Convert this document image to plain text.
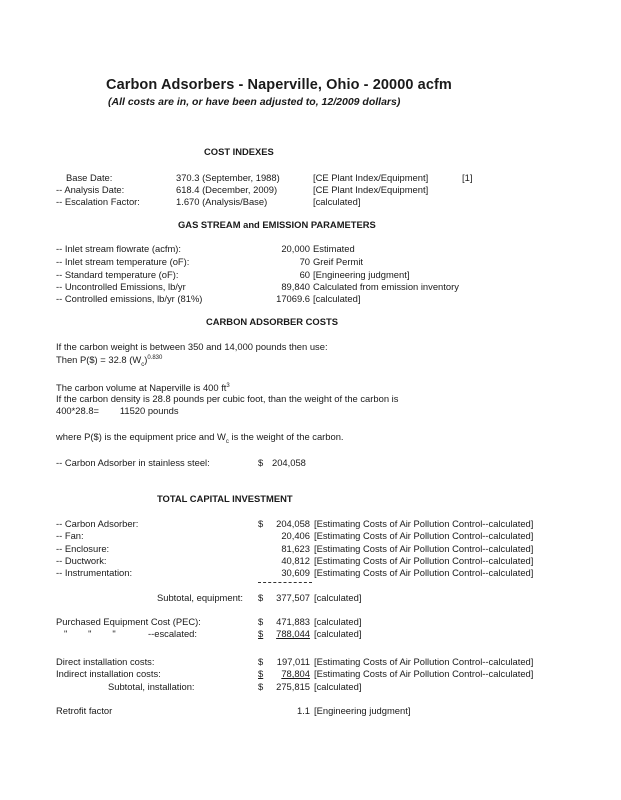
Carbon Adsorbers - Naperville, Ohio - 20000 acfm
(All costs are in, or have been adjusted to, 12/2009 dollars)
COST INDEXES
Base Date:	370.3 (September, 1988)	[CE Plant Index/Equipment]	[1]
-- Analysis Date:	618.4 (December, 2009)	[CE Plant Index/Equipment]
-- Escalation Factor:	1.670 (Analysis/Base)	[calculated]
GAS STREAM and EMISSION PARAMETERS
-- Inlet stream flowrate (acfm):	20,000 Estimated
-- Inlet stream temperature (oF):	70 Greif Permit
-- Standard temperature (oF):	60 [Engineering judgment]
-- Uncontrolled Emissions, lb/yr	89,840 Calculated from emission inventory
-- Controlled emissions, lb/yr (81%)	17069.6 [calculated]
CARBON ADSORBER COSTS
If the carbon weight is between 350 and 14,000 pounds then use:
Then P($) = 32.8 $(W_c)^{0.830}$
The carbon volume at Naperville is 400 $ft^3$
If the carbon density is 28.8 pounds per cubic foot, than the weight of the carbon is
400*28.8=        11520 pounds
where P($) is the equipment price and $W_c$ is the weight of the carbon.
-- Carbon Adsorber in stainless steel:	$ 204,058
TOTAL CAPITAL INVESTMENT
-- Carbon Adsorber:	$	204,058 [Estimating Costs of Air Pollution Control--calculated]
-- Fan:	20,406 [Estimating Costs of Air Pollution Control--calculated]
-- Enclosure:	81,623 [Estimating Costs of Air Pollution Control--calculated]
-- Ductwork:	40,812 [Estimating Costs of Air Pollution Control--calculated]
-- Instrumentation:	30,609 [Estimating Costs of Air Pollution Control--calculated]
Subtotal, equipment: $	377,507 [calculated]
Purchased Equipment Cost (PEC):	$	471,883 [calculated]
"        "        "	--escalated:	$	788,044 [calculated]
Direct installation costs:	$	197,011 [Estimating Costs of Air Pollution Control--calculated]
Indirect installation costs:	$	78,804 [Estimating Costs of Air Pollution Control--calculated]
Subtotal, installation:	$	275,815 [calculated]
Retrofit factor	1.1 [Engineering judgment]
